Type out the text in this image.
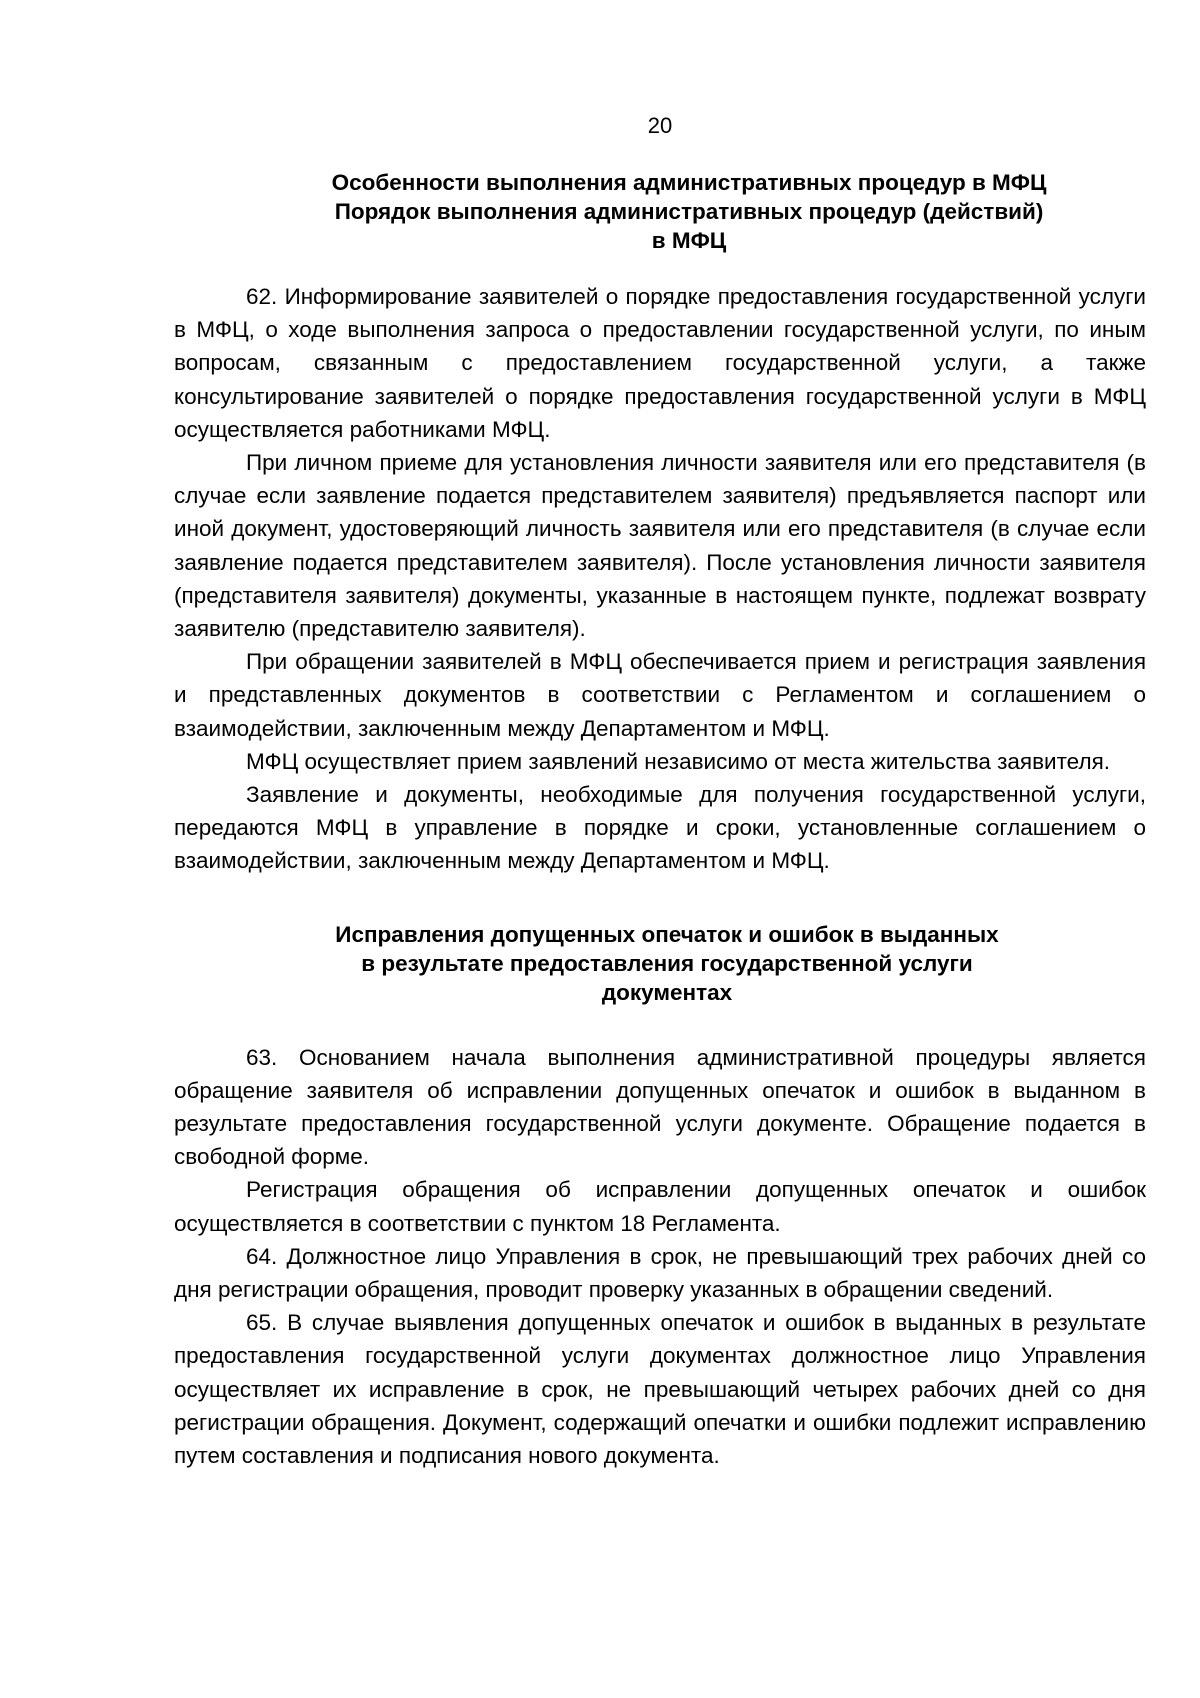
20
Особенности выполнения административных процедур в МФЦ
Порядок выполнения административных процедур (действий)
в МФЦ

62. Информирование заявителей о порядке предоставления государственной услуги в МФЦ, о ходе выполнения запроса о предоставлении государственной услуги, по иным вопросам, связанным с предоставлением государственной услуги, а также консультирование заявителей о порядке предоставления государственной услуги в МФЦ осуществляется работниками МФЦ.

При личном приеме для установления личности заявителя или его представителя (в случае если заявление подается представителем заявителя) предъявляется паспорт или иной документ, удостоверяющий личность заявителя или его представителя (в случае если заявление подается представителем заявителя). После установления личности заявителя (представителя заявителя) документы, указанные в настоящем пункте, подлежат возврату заявителю (представителю заявителя).

При обращении заявителей в МФЦ обеспечивается прием и регистрация заявления и представленных документов в соответствии с Регламентом и соглашением о взаимодействии, заключенным между Департаментом и МФЦ.

МФЦ осуществляет прием заявлений независимо от места жительства заявителя.

Заявление и документы, необходимые для получения государственной услуги, передаются МФЦ в управление в порядке и сроки, установленные соглашением о взаимодействии, заключенным между Департаментом и МФЦ.

Исправления допущенных опечаток и ошибок в выданных
в результате предоставления государственной услуги
документах

63. Основанием начала выполнения административной процедуры является обращение заявителя об исправлении допущенных опечаток и ошибок в выданном в результате предоставления государственной услуги документе. Обращение подается в свободной форме.

Регистрация обращения об исправлении допущенных опечаток и ошибок осуществляется в соответствии с пунктом 18 Регламента.

64. Должностное лицо Управления в срок, не превышающий трех рабочих дней со дня регистрации обращения, проводит проверку указанных в обращении сведений.

65. В случае выявления допущенных опечаток и ошибок в выданных в результате предоставления государственной услуги документах должностное лицо Управления осуществляет их исправление в срок, не превышающий четырех рабочих дней со дня регистрации обращения. Документ, содержащий опечатки и ошибки подлежит исправлению путем составления и подписания нового документа.
